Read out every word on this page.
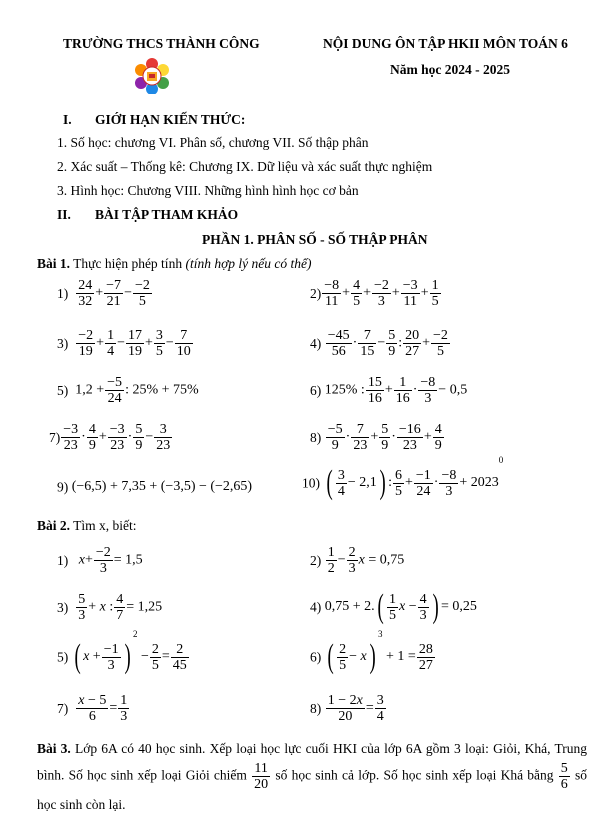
TRƯỜNG THCS THÀNH CÔNG	NỘI DUNG ÔN TẬP HKII MÔN TOÁN 6
Năm học 2024 - 2025
I. GIỚI HẠN KIẾN THỨC:
1. Số học: chương VI. Phân số, chương VII. Số thập phân
2. Xác suất – Thống kê: Chương IX. Dữ liệu và xác suất thực nghiệm
3. Hình học: Chương VIII. Những hình hình học cơ bản
II. BÀI TẬP THAM KHẢO
PHẦN 1. PHÂN SỐ - SỐ THẬP PHÂN
Bài 1. Thực hiện phép tính (tính hợp lý nếu có thể)
$1) \frac{24}{32} + \frac{-7}{21} - \frac{-2}{5}$	$2) \frac{-8}{11} + \frac{4}{5} + \frac{-2}{3} + \frac{-3}{11} + \frac{1}{5}$
$3) \frac{-2}{19} + \frac{1}{4} - \frac{17}{19} + \frac{3}{5} - \frac{7}{10}$	$4) \frac{-45}{56} \cdot \frac{7}{15} - \frac{5}{9}$ : $\frac{20}{27} + \frac{-2}{5}$
5) $1,2 + \frac{-5}{24}$ : 25% + 75%	6) 125% : $\frac{15}{16} + \frac{1}{16} \cdot \frac{-8}{3} - 0,5$
$7) \frac{-3}{23} \cdot \frac{4}{9} + \frac{-3}{23} \cdot \frac{5}{9} - \frac{3}{23}$	$8) \frac{-5}{9} \cdot \frac{7}{23} + \frac{5}{9} \cdot \frac{-16}{23} + \frac{4}{9}$
9) (−6,5) + 7,35 + (−3,5) − (−2,65)	10) ( $\frac{3}{4} - 2,1$) : $\frac{6}{5} + \frac{-1}{24} \cdot \frac{-8}{3} + 2023^0$
Bài 2. Tìm x, biết:
1) $x+ \frac{-2}{3} = 1,5$	$2) \frac{1}{2} - \frac{2}{3}$ x = 0,75
$3) \frac{5}{3} + x$ : $\frac{4}{7} = 1,25$	4) $0,75 + 2.( \frac{1}{5}$ $x - \frac{4}{3}$ ) = 0,25
5) ( $x + \frac{-1}{3} )^2 - \frac{2}{5} = \frac{2}{45}$	6) ( $\frac{2}{5} - x)^3 + 1 = \frac{28}{27}$
$7) \frac{x - 5}{6} = \frac{1}{3}$	$8) \frac{1 - 2x}{20} = \frac{3}{4}$
Bài 3. Lớp 6A có 40 học sinh. Xếp loại học lực cuối HKI của lớp 6A gồm 3 loại: Giỏi, Khá, Trung bình. Số học sinh xếp loại Giỏi chiếm $\frac{11}{20}$ số học sinh cả lớp. Số học sinh xếp loại Khá bằng $\frac{5}{6}$ số học sinh còn lại.
